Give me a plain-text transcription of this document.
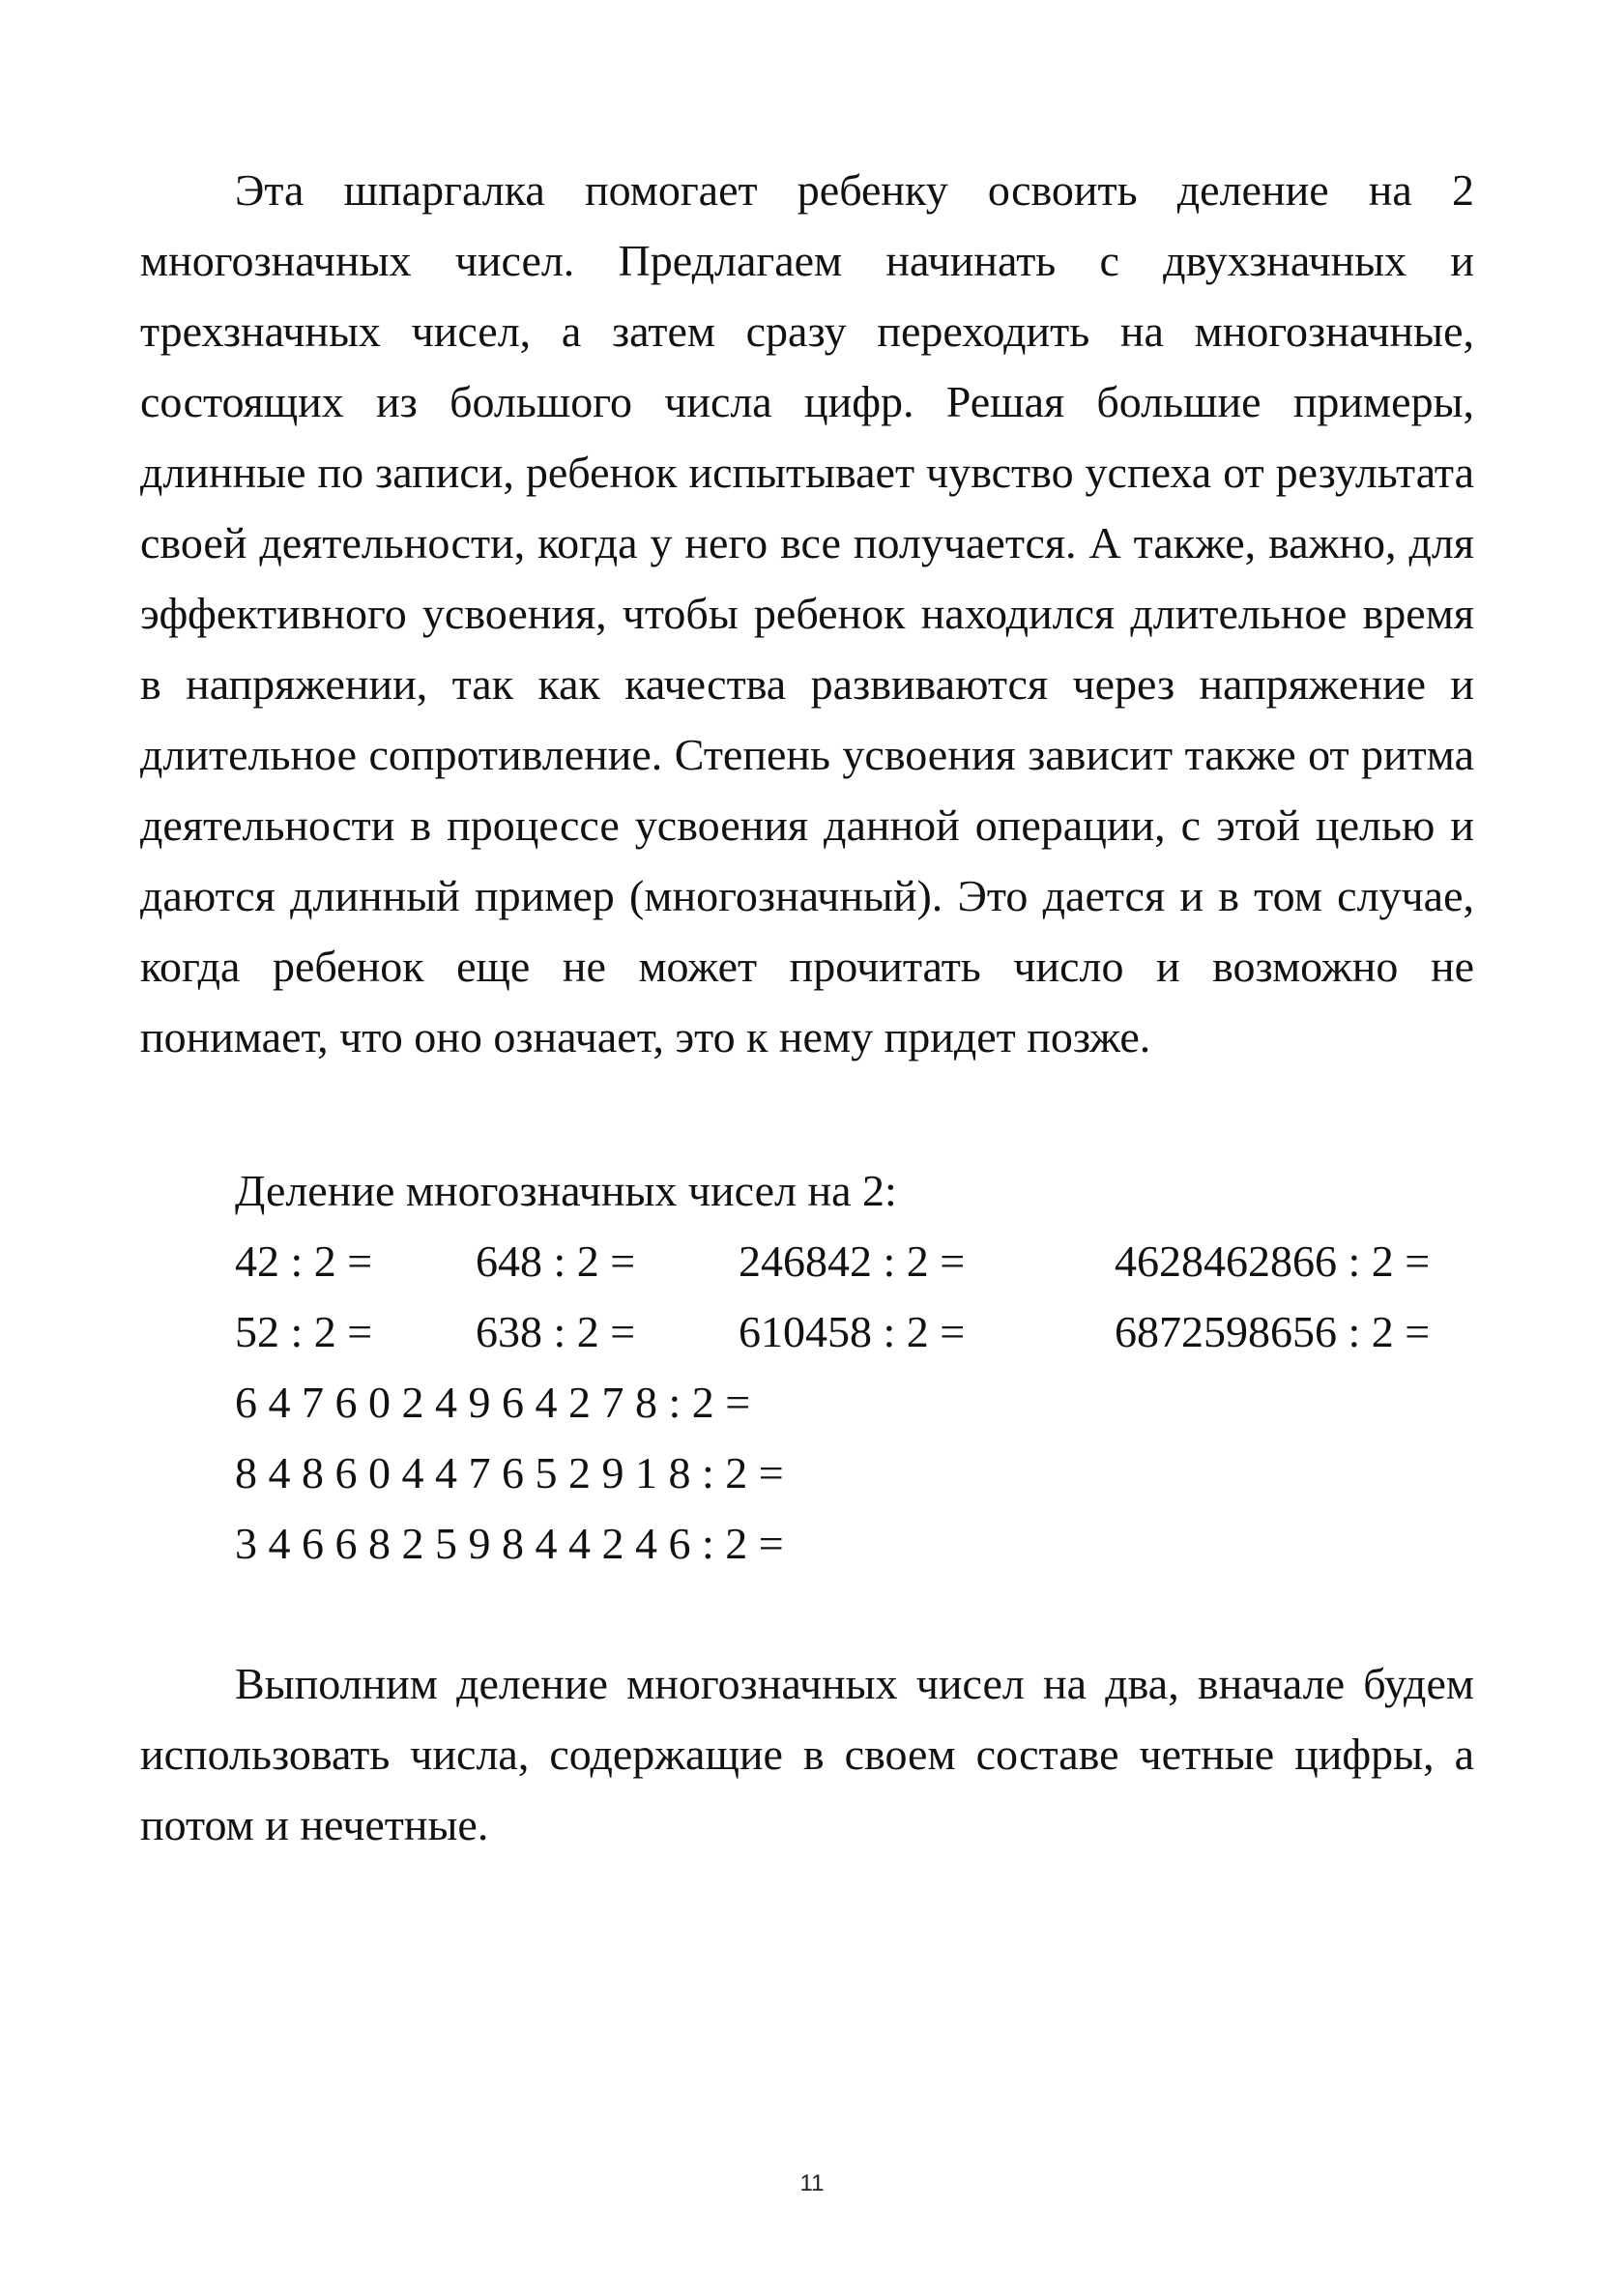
Эта шпаргалка помогает ребенку освоить деление на 2 многозначных чисел. Предлагаем начинать с двухзначных и трехзначных чисел, а затем сразу переходить на многозначные, состоящих из большого числа цифр. Решая большие примеры, длинные по записи, ребенок испытывает чувство успеха от результата своей деятельности, когда у него все получается. А также, важно, для эффективного усвоения, чтобы ребенок находился длительное время в напряжении, так как качества развиваются через напряжение и длительное сопротивление. Степень усвоения зависит также от ритма деятельности в процессе усвоения данной операции, с этой целью и даются длинный пример (многозначный). Это дается и в том случае, когда ребенок еще не может прочитать число и возможно не понимает, что оно означает, это к нему придет позже.

Деление многозначных чисел на 2:
42 : 2 = 648 : 2 = 246842 : 2 =	4628462866 : 2 =
52 : 2 = 638 : 2 = 610458 : 2 =	6872598656 : 2 =
6 4 7 6 0 2 4 9 6 4 2 7 8 : 2 =
8 4 8 6 0 4 4 7 6 5 2 9 1 8 : 2 =
3 4 6 6 8 2 5 9 8 4 4 2 4 6 : 2 =

Выполним деление многозначных чисел на два, вначале будем использовать числа, содержащие в своем составе четные цифры, а потом и нечетные.

11
